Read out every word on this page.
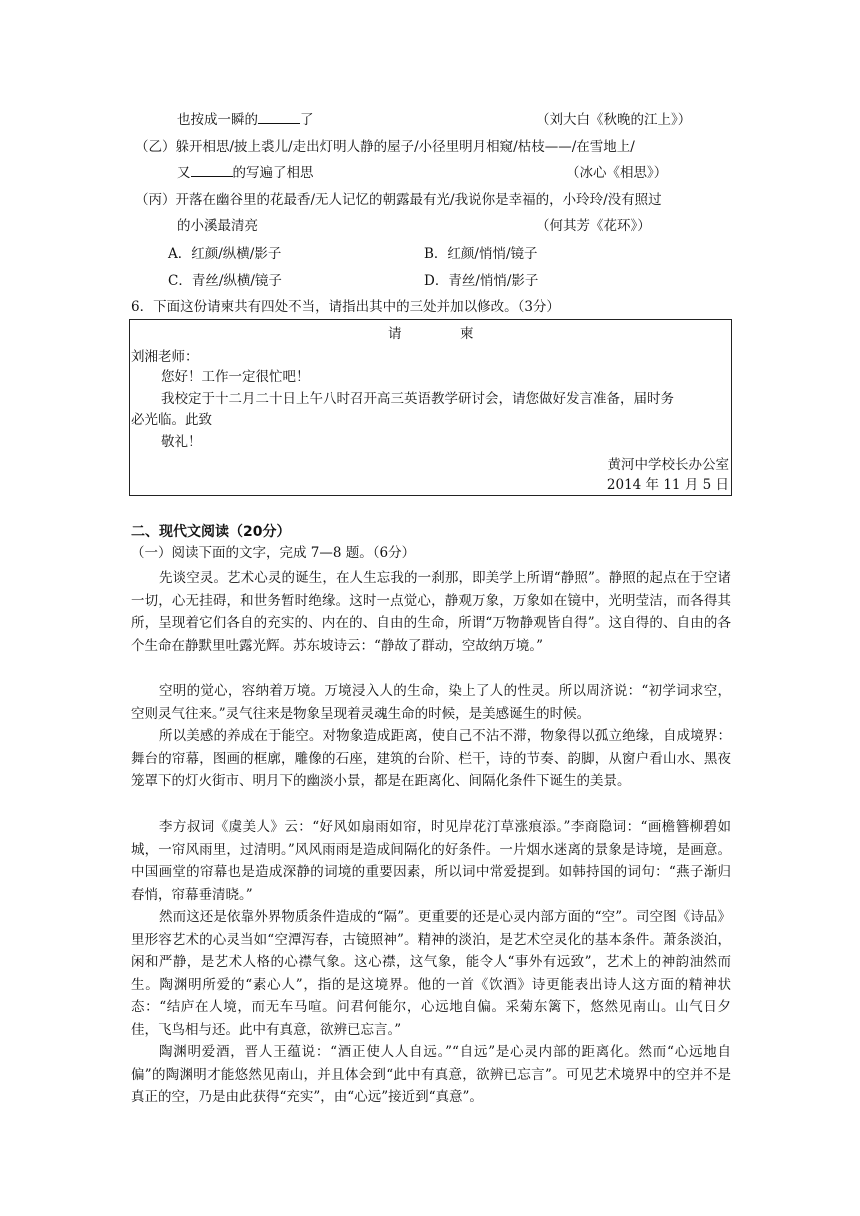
也按成一瞬的	了	（刘大白《秋晚的江上》）
（乙）躲开相思/披上裘儿/走出灯明人静的屋子/小径里明月相窥/枯枝——/在雪地上/
又	的写遍了相思	（冰心《相思》）
（丙）开落在幽谷里的花最香/无人记忆的朝露最有光/我说你是幸福的，小玲玲/没有照过
的小溪最清亮	（何其芳《花环》）
A．红颜/纵横/影子	B．红颜/悄悄/镜子
C．青丝/纵横/镜子	D．青丝/悄悄/影子
6．下面这份请柬共有四处不当，请指出其中的三处并加以修改。（3分）
请	柬
刘湘老师：
您好！工作一定很忙吧！
我校定于十二月二十日上午八时召开高三英语教学研讨会，请您做好发言准备，届时务
必光临。此致
敬礼！
黄河中学校长办公室
2014 年 11 月 5 日
二、现代文阅读（20分）
（一）阅读下面的文字，完成 7—8 题。（6分）
先谈空灵。艺术心灵的诞生，在人生忘我的一刹那，即美学上所谓“静照”。静照的起点在于空诸一切，心无挂碍，和世务暂时绝缘。这时一点觉心，静观万象，万象如在镜中，光明莹洁，而各得其所，呈现着它们各自的充实的、内在的、自由的生命，所谓“万物静观皆自得”。这自得的、自由的各个生命在静默里吐露光辉。苏东坡诗云：“静故了群动，空故纳万境。”
空明的觉心，容纳着万境。万境浸入人的生命，染上了人的性灵。所以周济说：“初学词求空，空则灵气往来。”灵气往来是物象呈现着灵魂生命的时候，是美感诞生的时候。
所以美感的养成在于能空。对物象造成距离，使自己不沾不滞，物象得以孤立绝缘，自成境界：舞台的帘幕，图画的框廓，雕像的石座，建筑的台阶、栏干，诗的节奏、韵脚，从窗户看山水、黑夜笼罩下的灯火街市、明月下的幽淡小景，都是在距离化、间隔化条件下诞生的美景。
李方叔词《虞美人》云：“好风如扇雨如帘，时见岸花汀草涨痕添。”李商隐词：“画檐簪柳碧如城，一帘风雨里，过清明。”风风雨雨是造成间隔化的好条件。一片烟水迷离的景象是诗境，是画意。中国画堂的帘幕也是造成深静的词境的重要因素，所以词中常爱提到。如韩持国的词句：“燕子渐归春悄，帘幕垂清晓。”
然而这还是依靠外界物质条件造成的“隔”。更重要的还是心灵内部方面的“空”。司空图《诗品》里形容艺术的心灵当如“空潭泻春，古镜照神”。精神的淡泊，是艺术空灵化的基本条件。萧条淡泊，闲和严静，是艺术人格的心襟气象。这心襟，这气象，能令人“事外有远致”，艺术上的神韵油然而生。陶渊明所爱的“素心人”，指的是这境界。他的一首《饮酒》诗更能表出诗人这方面的精神状态：“结庐在人境，而无车马喧。问君何能尔，心远地自偏。采菊东篱下，悠然见南山。山气日夕佳，飞鸟相与还。此中有真意，欲辨已忘言。”
陶渊明爱酒，晋人王蕴说：“酒正使人人自远。”“自远”是心灵内部的距离化。然而“心远地自偏”的陶渊明才能悠然见南山，并且体会到“此中有真意，欲辨已忘言”。可见艺术境界中的空并不是真正的空，乃是由此获得“充实”，由“心远”接近到“真意”。
